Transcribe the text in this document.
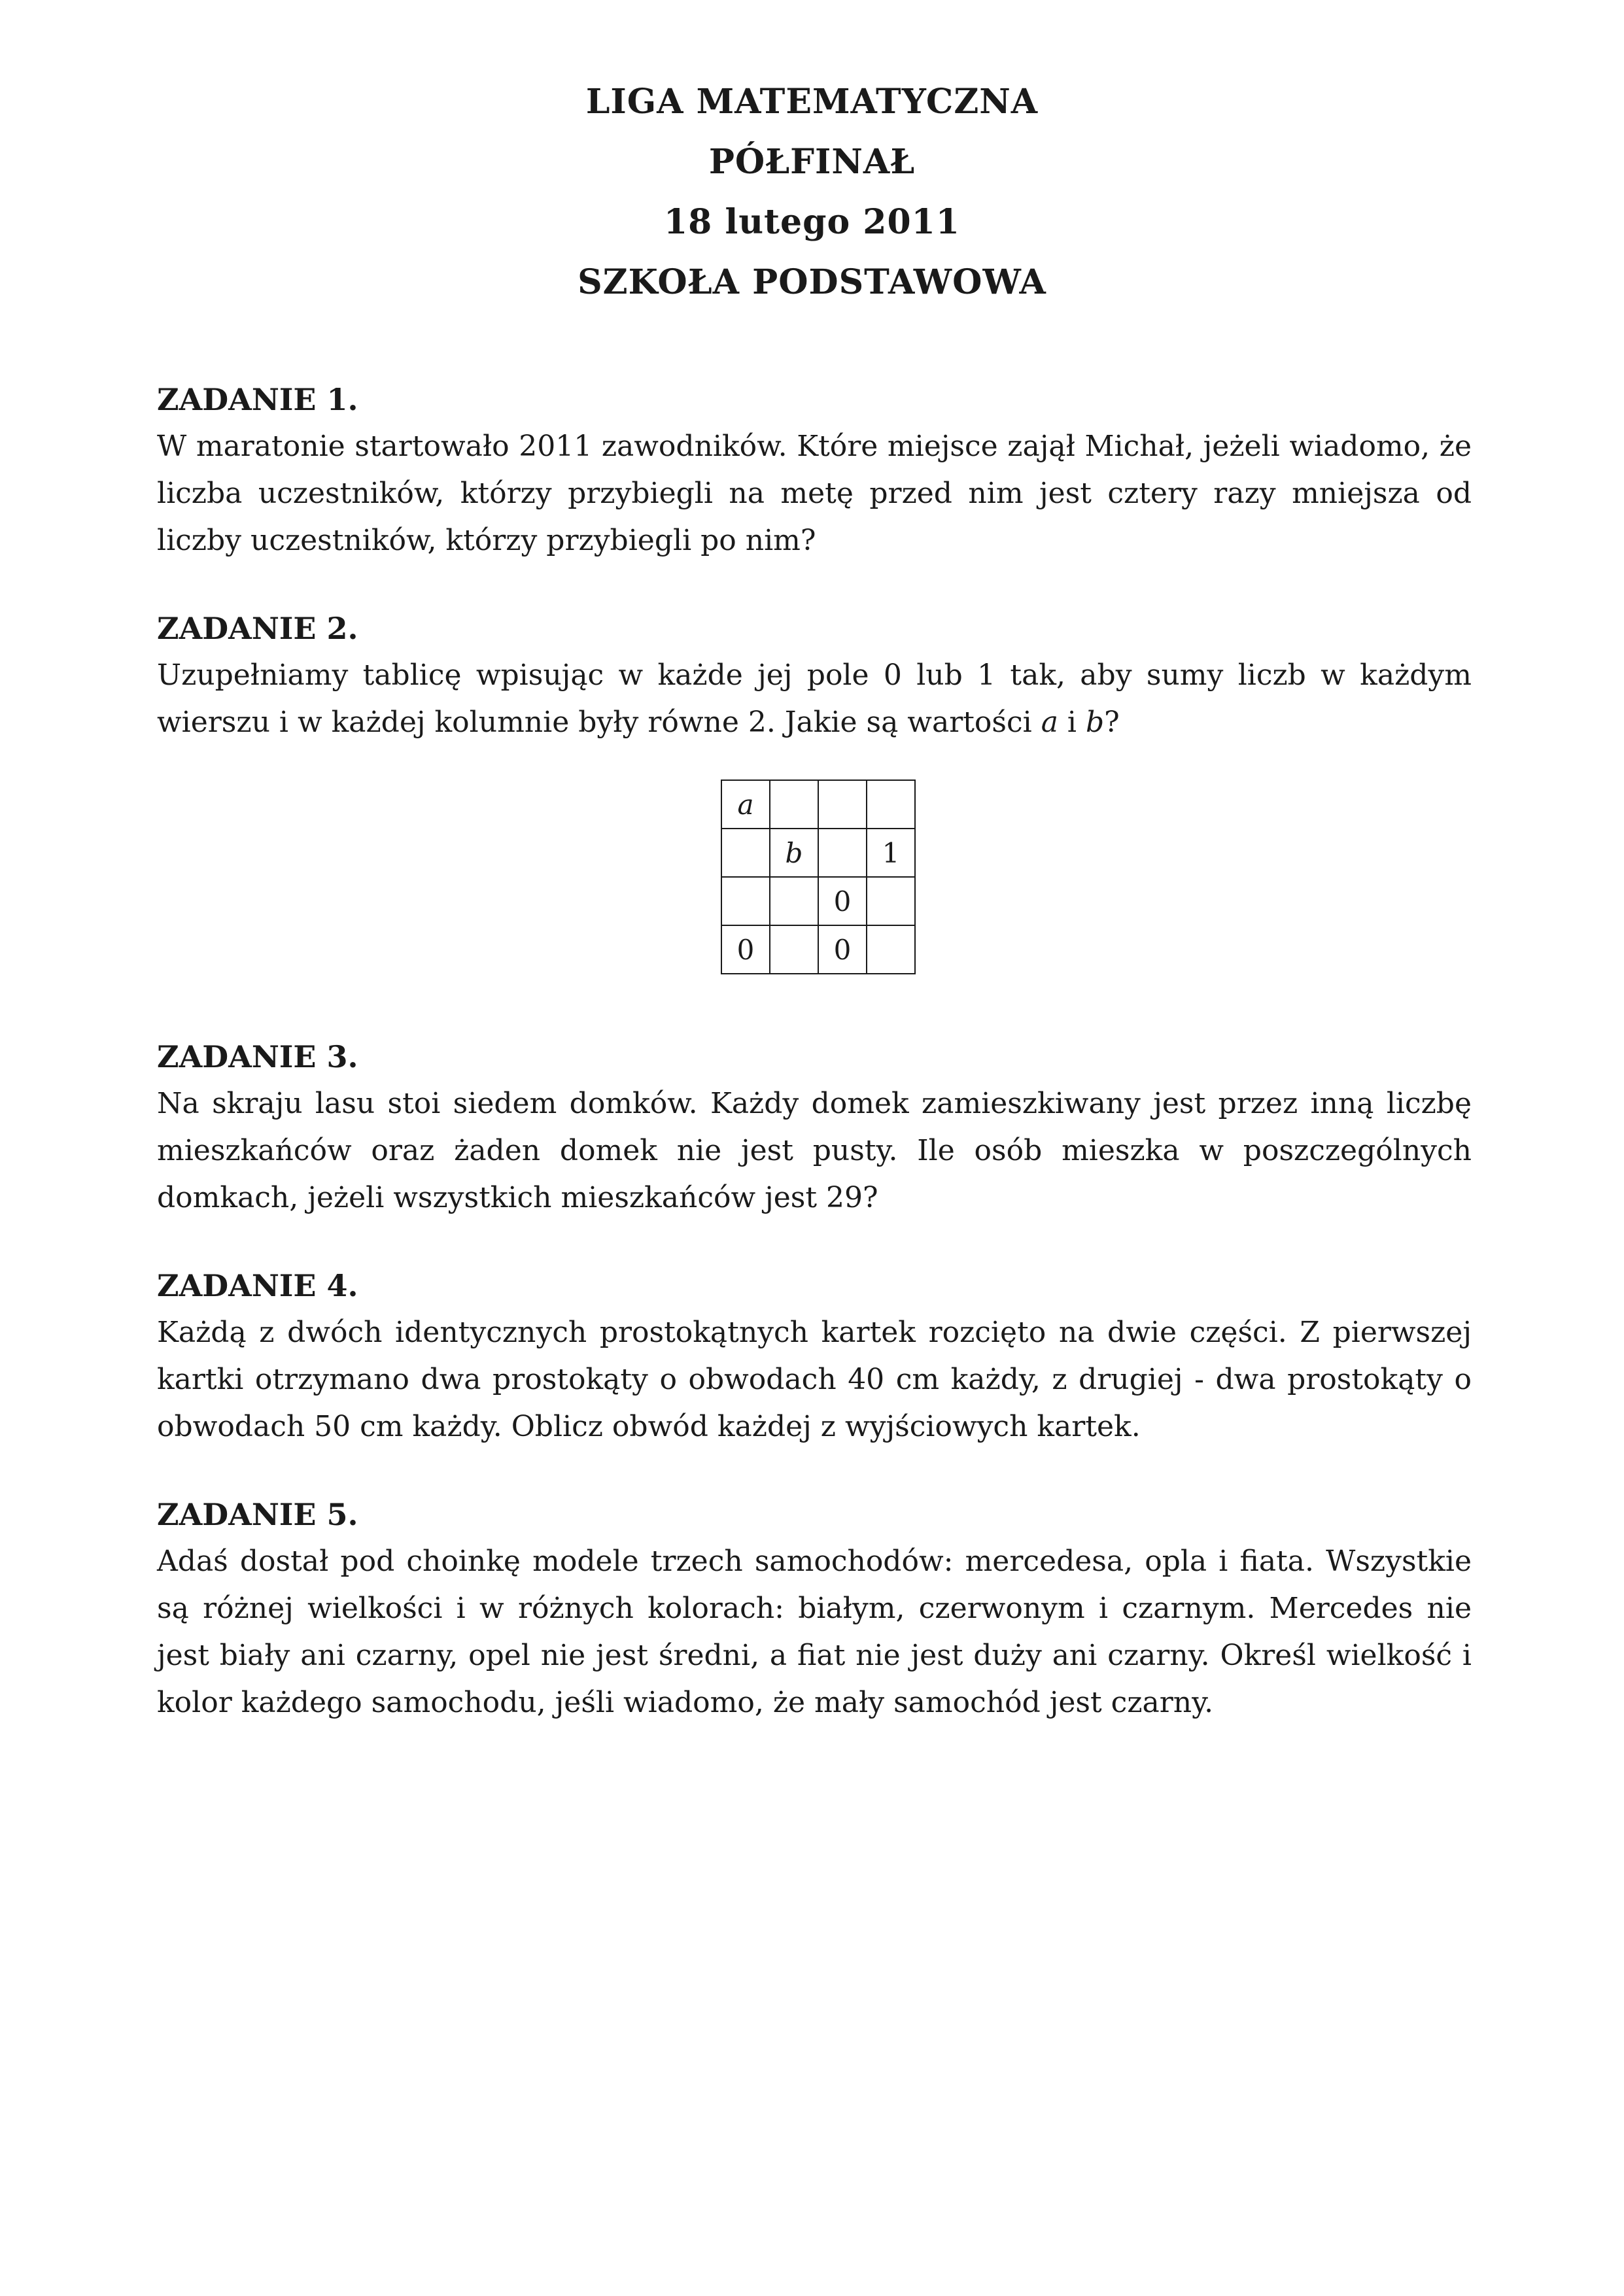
LIGA MATEMATYCZNA
PÓŁFINAŁ
18 lutego 2011
SZKOŁA PODSTAWOWA

ZADANIE 1.

W maratonie startowało 2011 zawodników. Które miejsce zajął Michał, jeżeli wiadomo, że liczba uczestników, którzy przybiegli na metę przed nim jest cztery razy mniejsza od liczby uczestników, którzy przybiegli po nim?

ZADANIE 2.

Uzupełniamy tablicę wpisując w każde jej pole 0 lub 1 tak, aby sumy liczb w każdym wierszu i w każdej kolumnie były równe 2. Jakie są wartości a i b?

a			
	b		1
		0	
0		0	

ZADANIE 3.

Na skraju lasu stoi siedem domków. Każdy domek zamieszkiwany jest przez inną liczbę mieszkańców oraz żaden domek nie jest pusty. Ile osób mieszka w poszczególnych domkach, jeżeli wszystkich mieszkańców jest 29?

ZADANIE 4.

Każdą z dwóch identycznych prostokątnych kartek rozcięto na dwie części. Z pierwszej kartki otrzymano dwa prostokąty o obwodach 40 cm każdy, z drugiej - dwa prostokąty o obwodach 50 cm każdy. Oblicz obwód każdej z wyjściowych kartek.

ZADANIE 5.

Adaś dostał pod choinkę modele trzech samochodów: mercedesa, opla i fiata. Wszystkie są różnej wielkości i w różnych kolorach: białym, czerwonym i czarnym. Mercedes nie jest biały ani czarny, opel nie jest średni, a fiat nie jest duży ani czarny. Określ wielkość i kolor każdego samochodu, jeśli wiadomo, że mały samochód jest czarny.
